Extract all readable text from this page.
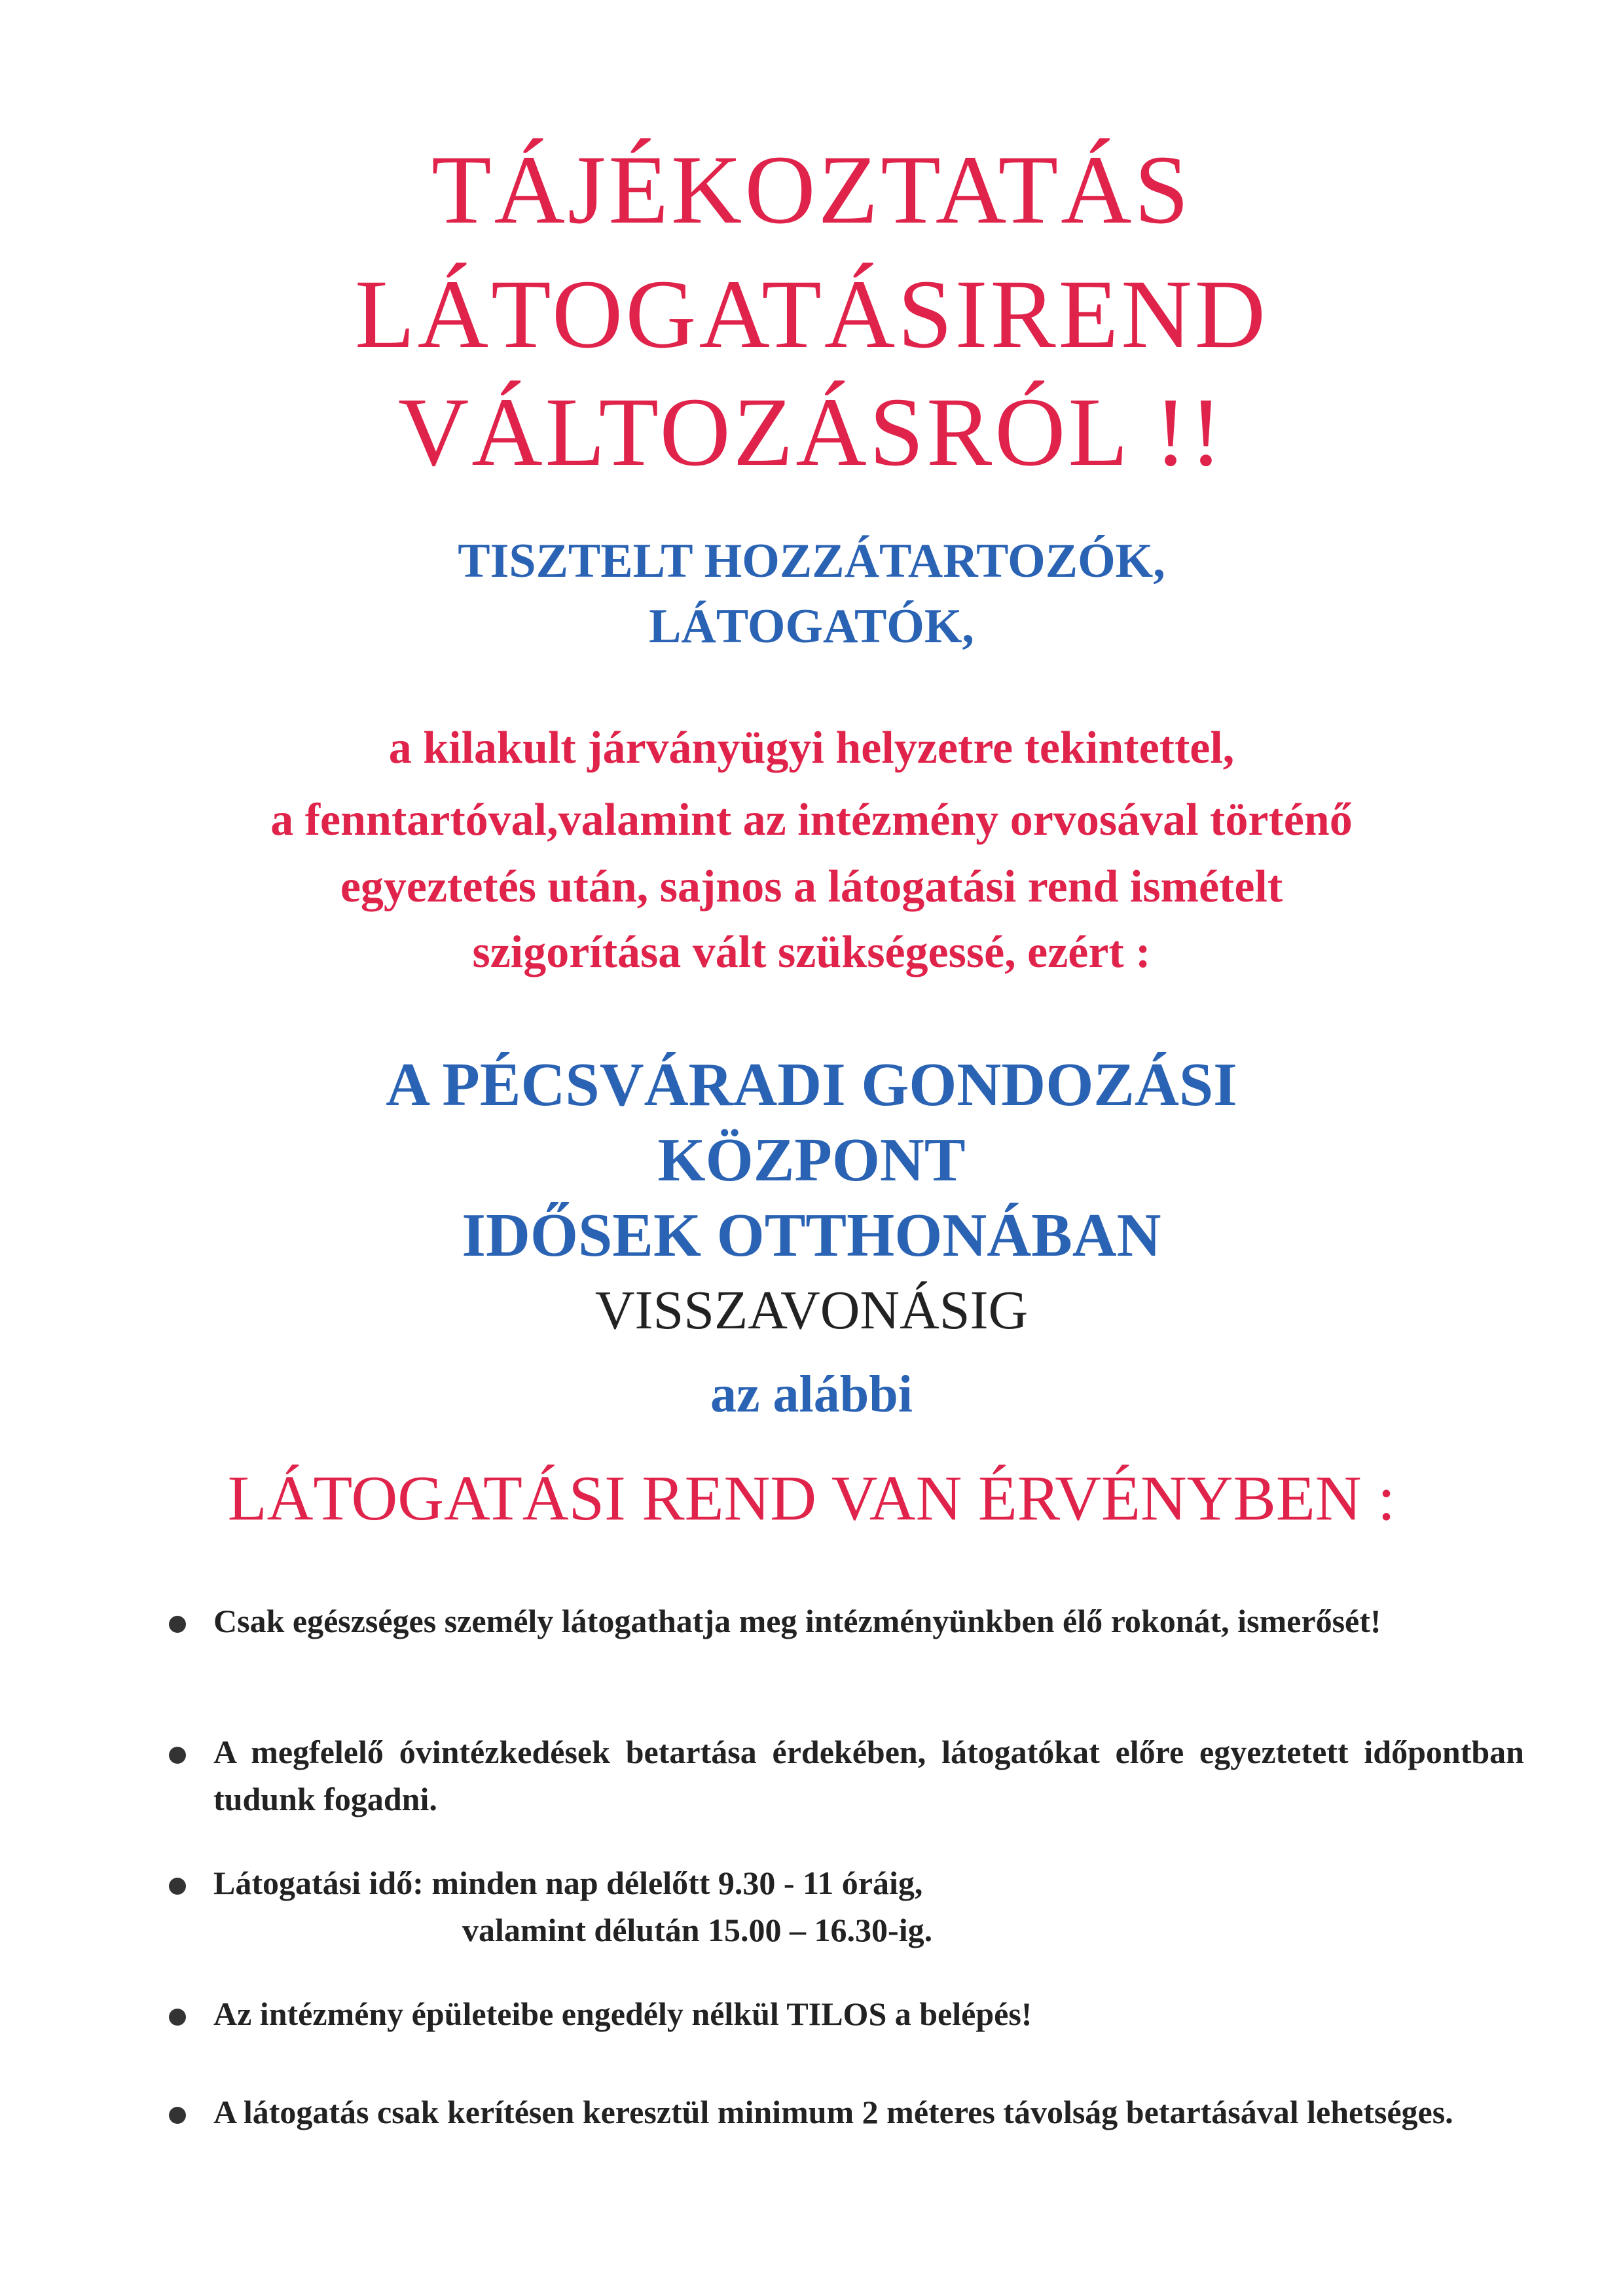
TÁJÉKOZTATÁS
LÁTOGATÁSIREND
VÁLTOZÁSRÓL !!
TISZTELT HOZZÁTARTOZÓK,
LÁTOGATÓK,
a kilakult járványügyi helyzetre tekintettel,
a fenntartóval,valamint az intézmény orvosával történő
egyeztetés után, sajnos a látogatási rend ismételt
szigorítása vált szükségessé, ezért :
A PÉCSVÁRADI GONDOZÁSI
KÖZPONT
IDŐSEK OTTHONÁBAN
VISSZAVONÁSIG
az alábbi
LÁTOGATÁSI REND VAN ÉRVÉNYBEN :
Csak egészséges személy látogathatja meg intézményünkben élő rokonát, ismerősét!
A megfelelő óvintézkedések betartása érdekében, látogatókat előre egyeztetett időpontban tudunk fogadni.
Látogatási idő: minden nap délelőtt 9.30 - 11 óráig,
valamint délután 15.00 – 16.30-ig.
Az intézmény épületeibe engedély nélkül TILOS a belépés!
A látogatás csak kerítésen keresztül minimum 2 méteres távolság betartásával lehetséges.
